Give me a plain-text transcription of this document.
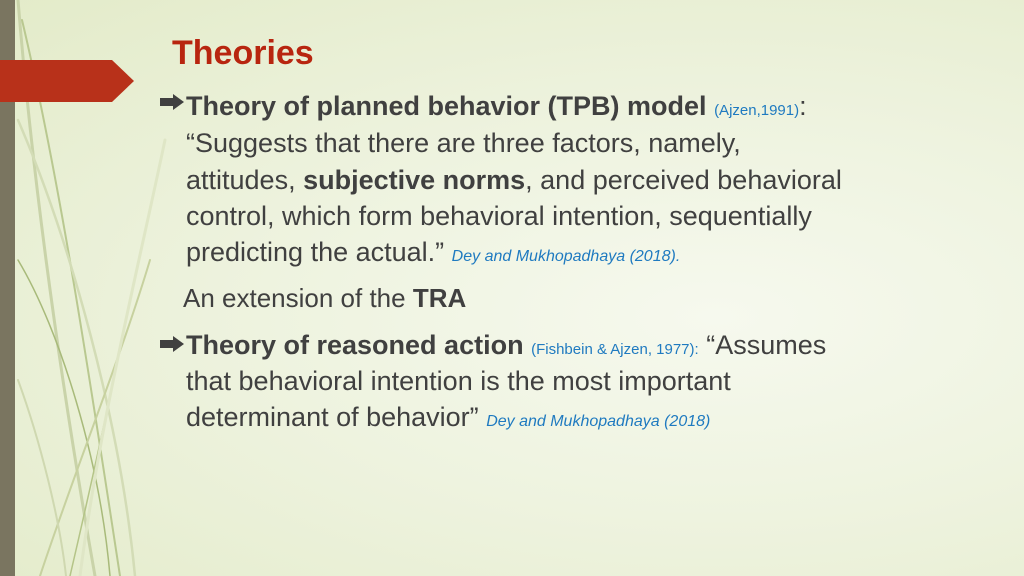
Theories
Theory of planned behavior (TPB) model (Ajzen,1991):
“Suggests that there are three factors, namely,
attitudes, subjective norms, and perceived behavioral
control, which form behavioral intention, sequentially
predicting the actual.” Dey and Mukhopadhaya (2018).
An extension of the TRA
Theory of reasoned action (Fishbein & Ajzen, 1977): “Assumes
that behavioral intention is the most important
determinant of behavior” Dey and Mukhopadhaya (2018)
